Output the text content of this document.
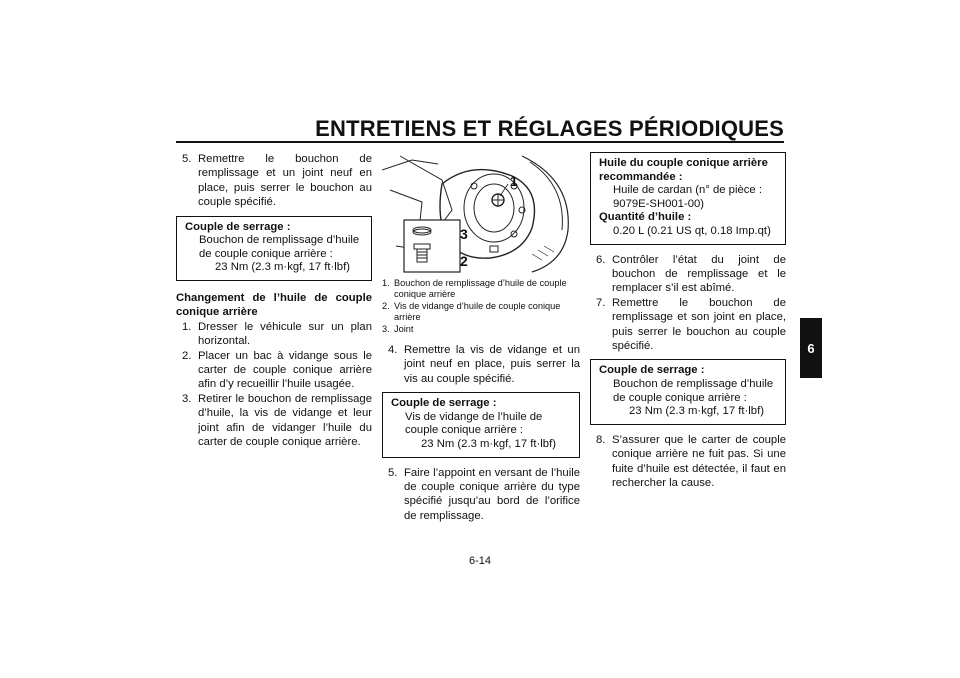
ENTRETIENS ET RÉGLAGES PÉRIODIQUES
6
5. Remettre le bouchon de remplissage et un joint neuf en place, puis serrer le bouchon au couple spécifié.
Couple de serrage :
Bouchon de remplissage d’huile de couple conique arrière :
23 Nm (2.3 m·kgf, 17 ft·lbf)
Changement de l’huile de couple conique arrière
1. Dresser le véhicule sur un plan horizontal.
2. Placer un bac à vidange sous le carter de couple conique arrière afin d’y recueillir l’huile usagée.
3. Retirer le bouchon de remplissage d’huile, la vis de vidange et leur joint afin de vidanger l’huile du carter de couple conique arrière.
1
3
2
1. Bouchon de remplissage d’huile de couple conique arrière
2. Vis de vidange d’huile de couple conique arrière
3. Joint
4. Remettre la vis de vidange et un joint neuf en place, puis serrer la vis au couple spécifié.
Couple de serrage :
Vis de vidange de l’huile de couple conique arrière :
23 Nm (2.3 m·kgf, 17 ft·lbf)
5. Faire l’appoint en versant de l’huile de couple conique arrière du type spécifié jusqu’au bord de l’orifice de remplissage.
Huile du couple conique arrière recommandée :
Huile de cardan (n° de pièce :
9079E-SH001-00)
Quantité d’huile :
0.20 L (0.21 US qt, 0.18 Imp.qt)
6. Contrôler l’état du joint de bouchon de remplissage et le remplacer s’il est abîmé.
7. Remettre le bouchon de remplissage et son joint en place, puis serrer le bouchon au couple spécifié.
Couple de serrage :
Bouchon de remplissage d’huile de couple conique arrière :
23 Nm (2.3 m·kgf, 17 ft·lbf)
8. S’assurer que le carter de couple conique arrière ne fuit pas. Si une fuite d’huile est détectée, il faut en rechercher la cause.
6-14
